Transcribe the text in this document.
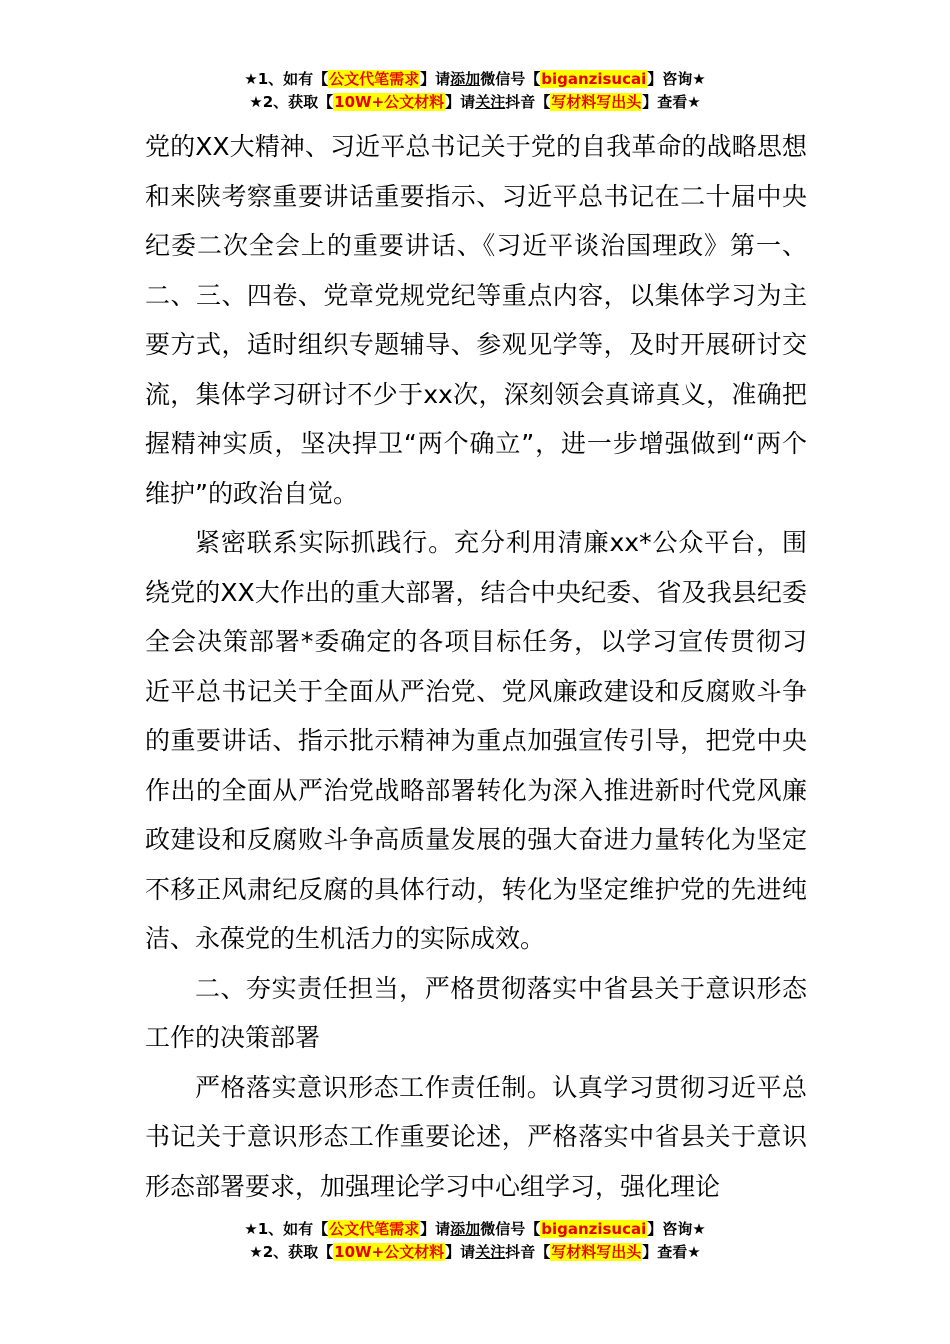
★1、如有【公文代笔需求】请添加微信号【biganzisucai】咨询★
★2、获取【10W+公文材料】请关注抖音【写材料写出头】查看★

党的XX大精神、习近平总书记关于党的自我革命的战略思想和来陕考察重要讲话重要指示、习近平总书记在二十届中央纪委二次全会上的重要讲话、《习近平谈治国理政》第一、二、三、四卷、党章党规党纪等重点内容，以集体学习为主要方式，适时组织专题辅导、参观见学等，及时开展研讨交流，集体学习研讨不少于xx次，深刻领会真谛真义，准确把握精神实质，坚决捍卫“两个确立”，进一步增强做到“两个维护”的政治自觉。

紧密联系实际抓践行。充分利用清廉xx*公众平台，围绕党的XX大作出的重大部署，结合中央纪委、省及我县纪委全会决策部署*委确定的各项目标任务，以学习宣传贯彻习近平总书记关于全面从严治党、党风廉政建设和反腐败斗争的重要讲话、指示批示精神为重点加强宣传引导，把党中央作出的全面从严治党战略部署转化为深入推进新时代党风廉政建设和反腐败斗争高质量发展的强大奋进力量转化为坚定不移正风肃纪反腐的具体行动，转化为坚定维护党的先进纯洁、永葆党的生机活力的实际成效。

二、夯实责任担当，严格贯彻落实中省县关于意识形态工作的决策部署

严格落实意识形态工作责任制。认真学习贯彻习近平总书记关于意识形态工作重要论述，严格落实中省县关于意识形态部署要求，加强理论学习中心组学习，强化理论

★1、如有【公文代笔需求】请添加微信号【biganzisucai】咨询★
★2、获取【10W+公文材料】请关注抖音【写材料写出头】查看★
